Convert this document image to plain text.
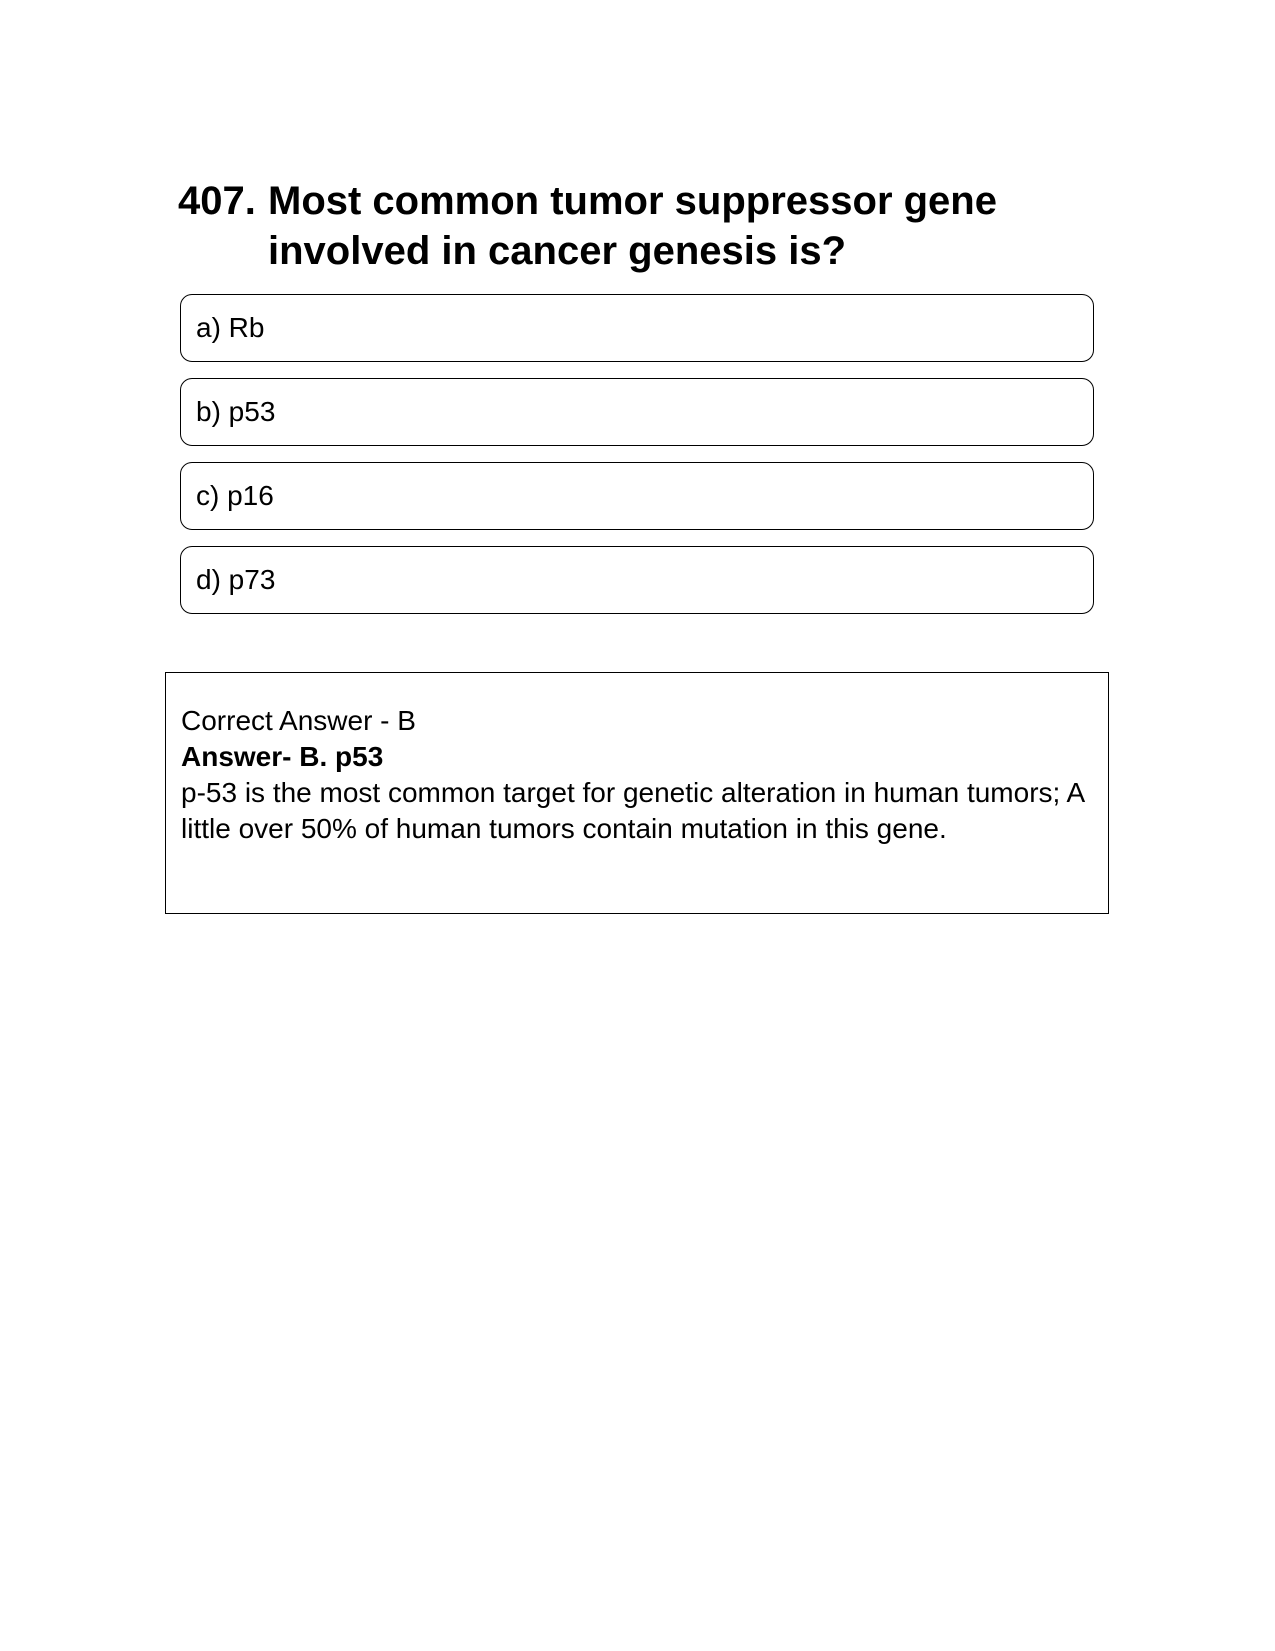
407. Most common tumor suppressor gene involved in cancer genesis is?
a) Rb
b) p53
c) p16
d) p73
Correct Answer - B
Answer- B. p53
p-53 is the most common target for genetic alteration in human tumors; A little over 50% of human tumors contain mutation in this gene.
